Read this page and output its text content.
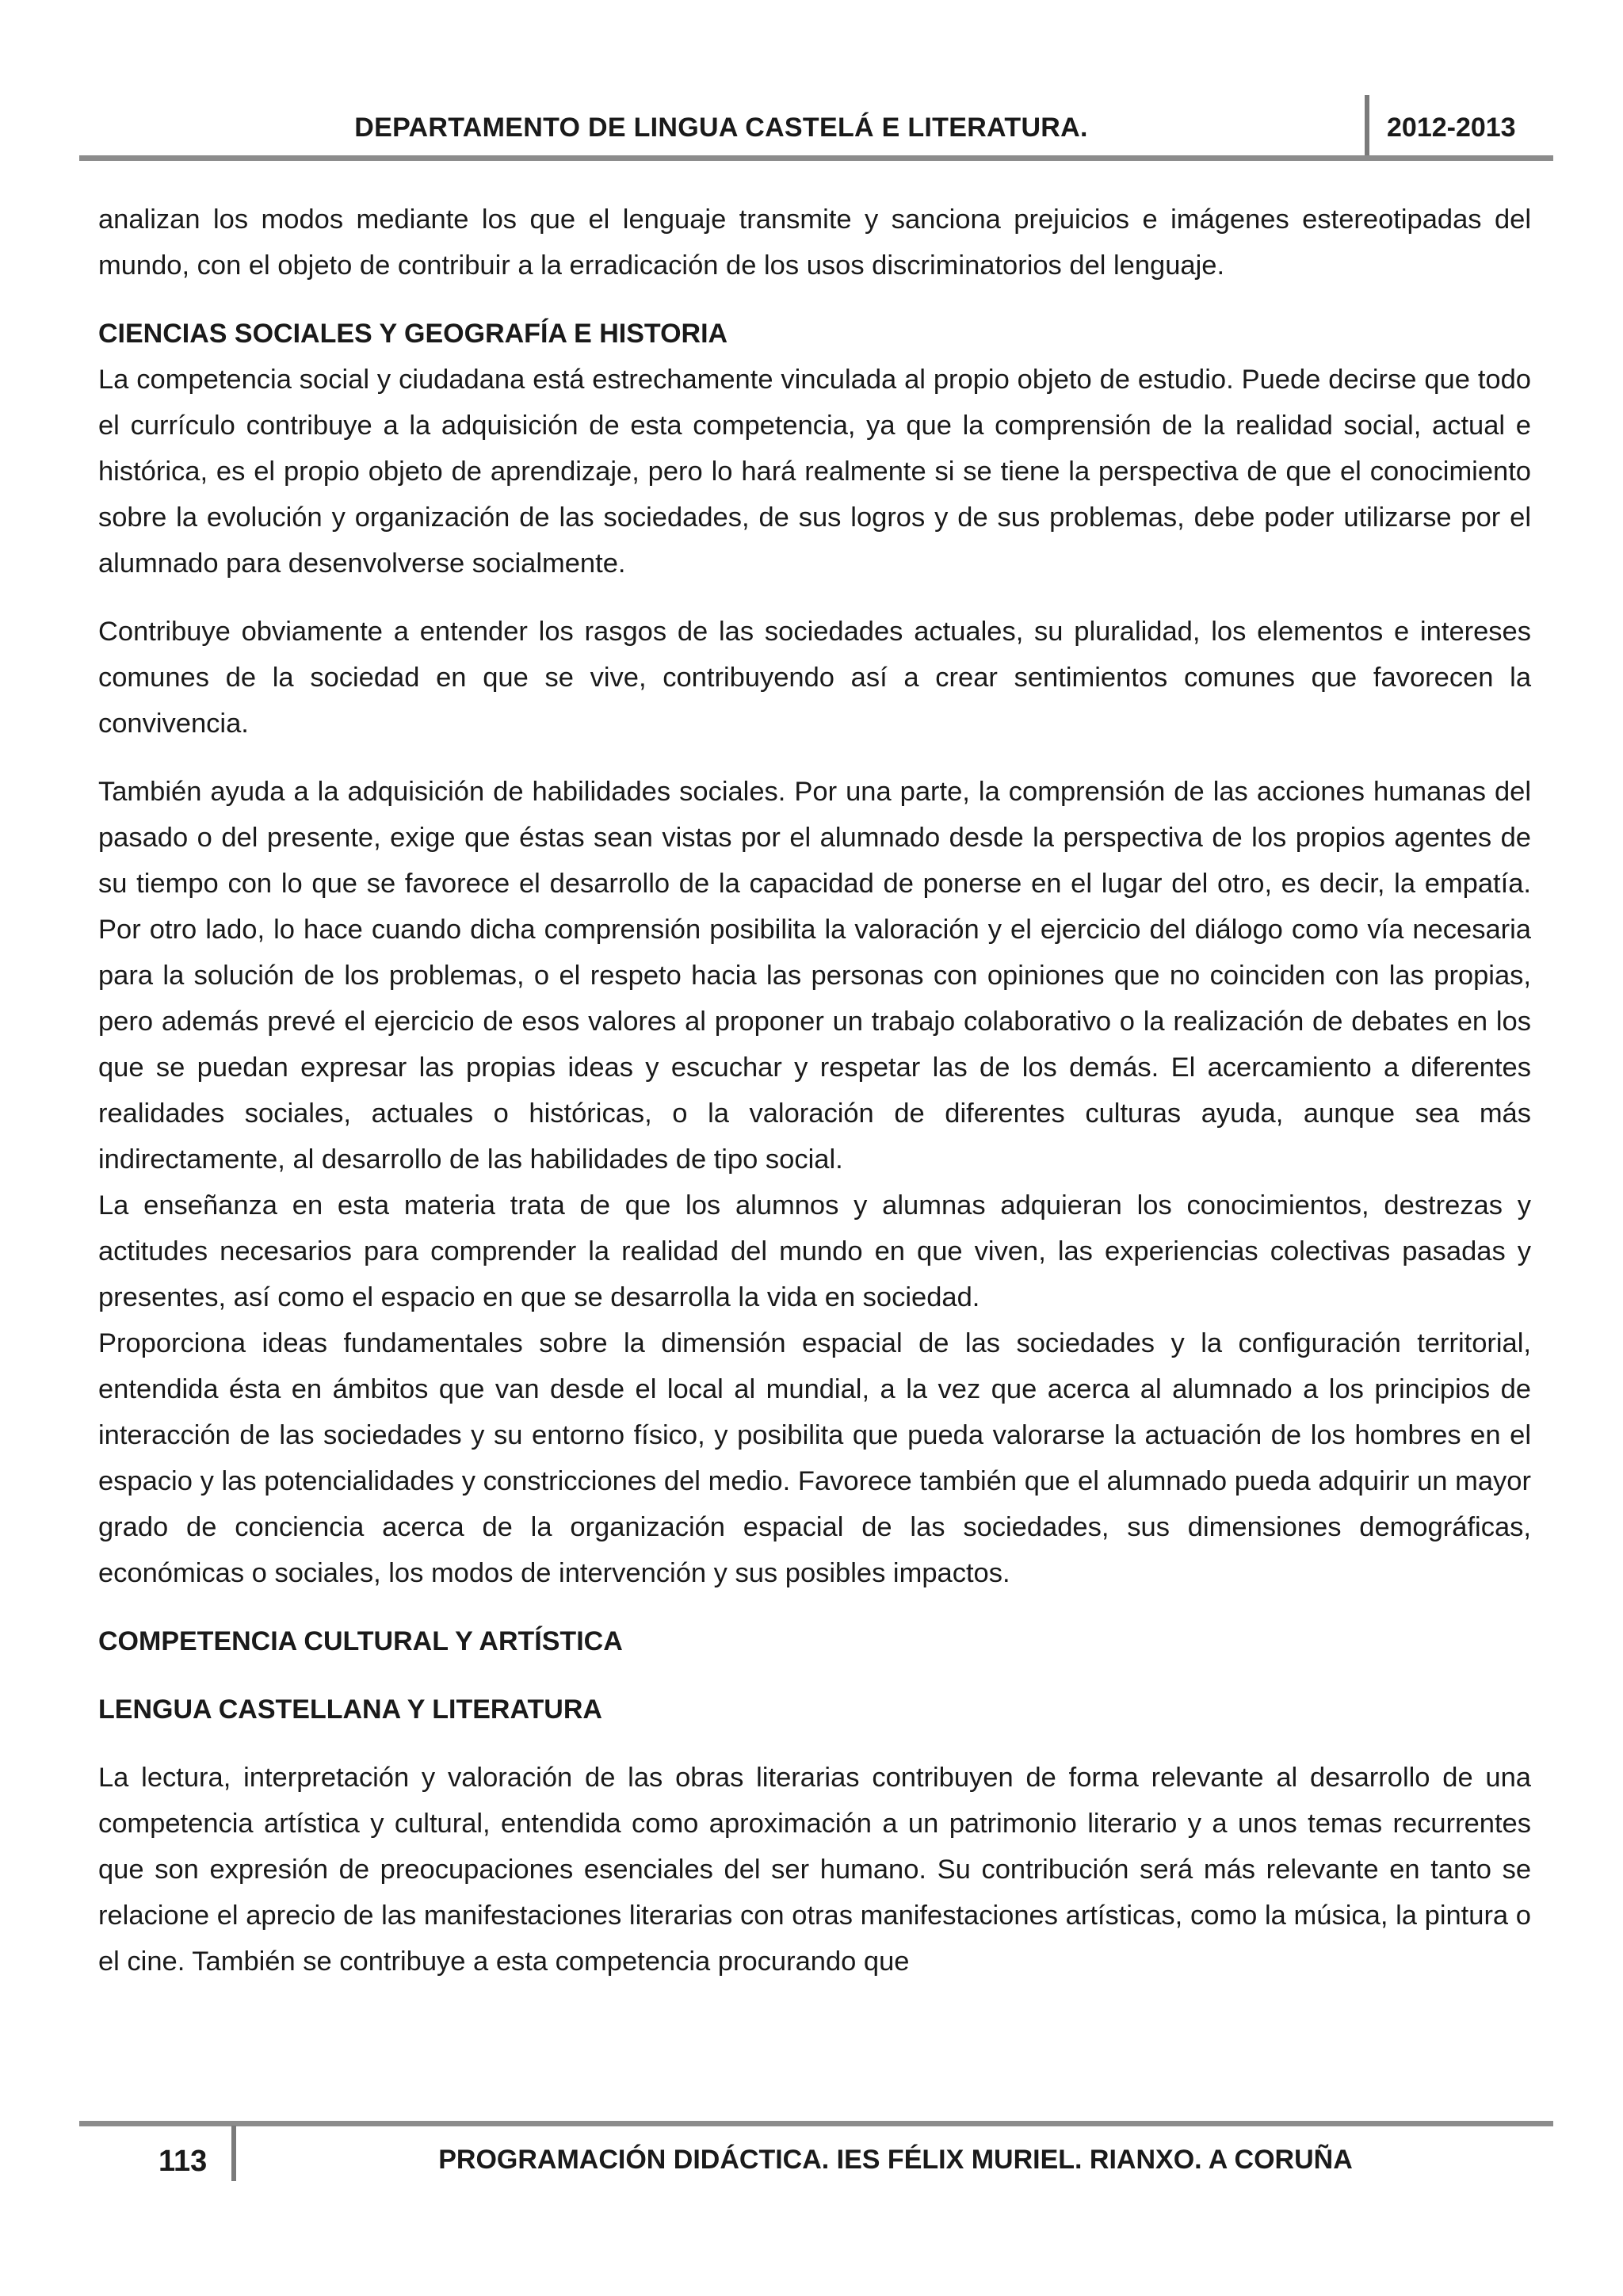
DEPARTAMENTO DE LINGUA CASTELÁ E LITERATURA.	2012-2013

analizan los modos mediante los que el lenguaje transmite y sanciona prejuicios e imágenes estereotipadas del mundo, con el objeto de contribuir a la erradicación de los usos discriminatorios del lenguaje.

CIENCIAS SOCIALES Y GEOGRAFÍA E HISTORIA

La competencia social y ciudadana está estrechamente vinculada al propio objeto de estudio. Puede decirse que todo el currículo contribuye a la adquisición de esta competencia, ya que la comprensión de la realidad social, actual e histórica, es el propio objeto de aprendizaje, pero lo hará realmente si se tiene la perspectiva de que el conocimiento sobre la evolución y organización de las sociedades, de sus logros y de sus problemas, debe poder utilizarse por el alumnado para desenvolverse socialmente.

Contribuye obviamente a entender los rasgos de las sociedades actuales, su pluralidad, los elementos e intereses comunes de la sociedad en que se vive, contribuyendo así a crear sentimientos comunes que favorecen la convivencia.

También ayuda a la adquisición de habilidades sociales. Por una parte, la comprensión de las acciones humanas del pasado o del presente, exige que éstas sean vistas por el alumnado desde la perspectiva de los propios agentes de su tiempo con lo que se favorece el desarrollo de la capacidad de ponerse en el lugar del otro, es decir, la empatía. Por otro lado, lo hace cuando dicha comprensión posibilita la valoración y el ejercicio del diálogo como vía necesaria para la solución de los problemas, o el respeto hacia las personas con opiniones que no coinciden con las propias, pero además prevé el ejercicio de esos valores al proponer un trabajo colaborativo o la realización de debates en los que se puedan expresar las propias ideas y escuchar y respetar las de los demás. El acercamiento a diferentes realidades sociales, actuales o históricas, o la valoración de diferentes culturas ayuda, aunque sea más indirectamente, al desarrollo de las habilidades de tipo social.

La enseñanza en esta materia trata de que los alumnos y alumnas adquieran los conocimientos, destrezas y actitudes necesarios para comprender la realidad del mundo en que viven, las experiencias colectivas pasadas y presentes, así como el espacio en que se desarrolla la vida en sociedad.

Proporciona ideas fundamentales sobre la dimensión espacial de las sociedades y la configuración territorial, entendida ésta en ámbitos que van desde el local al mundial, a la vez que acerca al alumnado a los principios de interacción de las sociedades y su entorno físico, y posibilita que pueda valorarse la actuación de los hombres en el espacio y las potencialidades y constricciones del medio. Favorece también que el alumnado pueda adquirir un mayor grado de conciencia acerca de la organización espacial de las sociedades, sus dimensiones demográficas, económicas o sociales, los modos de intervención y sus posibles impactos.

COMPETENCIA CULTURAL Y ARTÍSTICA
LENGUA CASTELLANA Y LITERATURA

La lectura, interpretación y valoración de las obras literarias contribuyen de forma relevante al desarrollo de una competencia artística y cultural, entendida como aproximación a un patrimonio literario y a unos temas recurrentes que son expresión de preocupaciones esenciales del ser humano. Su contribución será más relevante en tanto se relacione el aprecio de las manifestaciones literarias con otras manifestaciones artísticas, como la música, la pintura o el cine. También se contribuye a esta competencia procurando que

113	PROGRAMACIÓN DIDÁCTICA. IES FÉLIX MURIEL. RIANXO. A CORUÑA
